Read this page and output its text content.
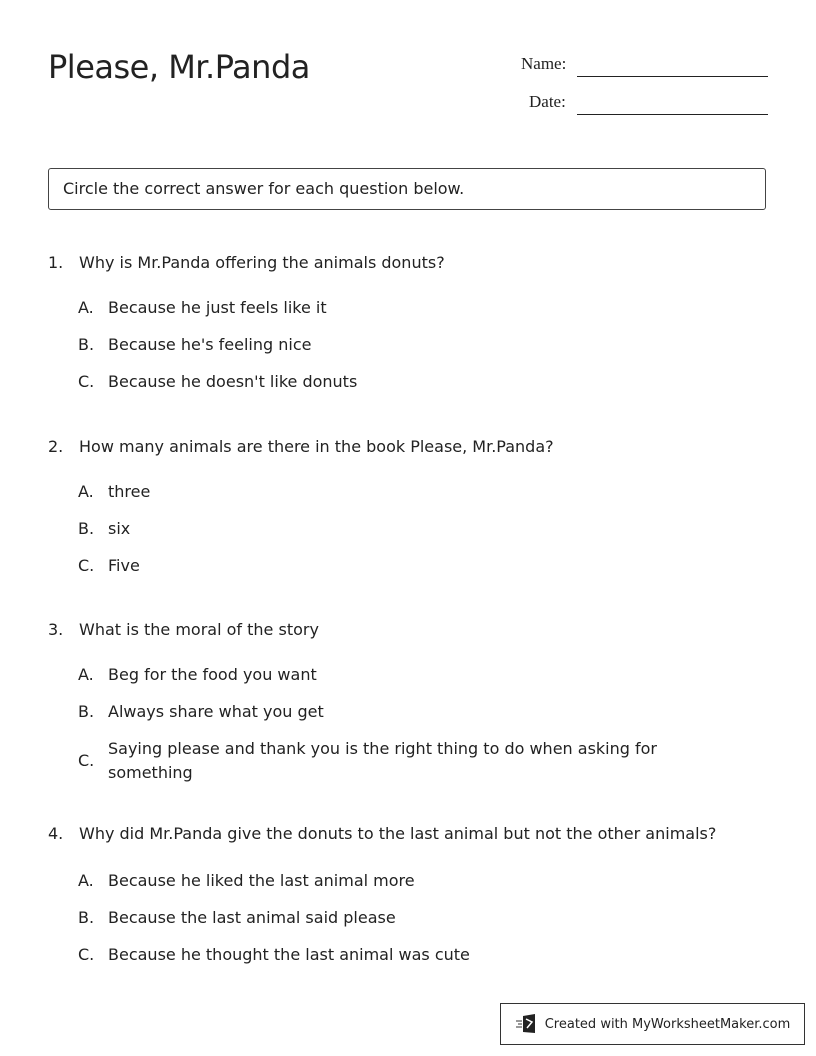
Please, Mr.Panda	Name:
Date:
Circle the correct answer for each question below.
1. Why is Mr.Panda offering the animals donuts?
A. Because he just feels like it
B. Because he's feeling nice
C. Because he doesn't like donuts
2. How many animals are there in the book Please, Mr.Panda?
A. three
B. six
C. Five
3. What is the moral of the story
A. Beg for the food you want
B. Always share what you get
C.
Saying please and thank you is the right thing to do when asking for something
4. Why did Mr.Panda give the donuts to the last animal but not the other animals?
A. Because he liked the last animal more
B. Because the last animal said please
C. Because he thought the last animal was cute
Created with MyWorksheetMaker.com
